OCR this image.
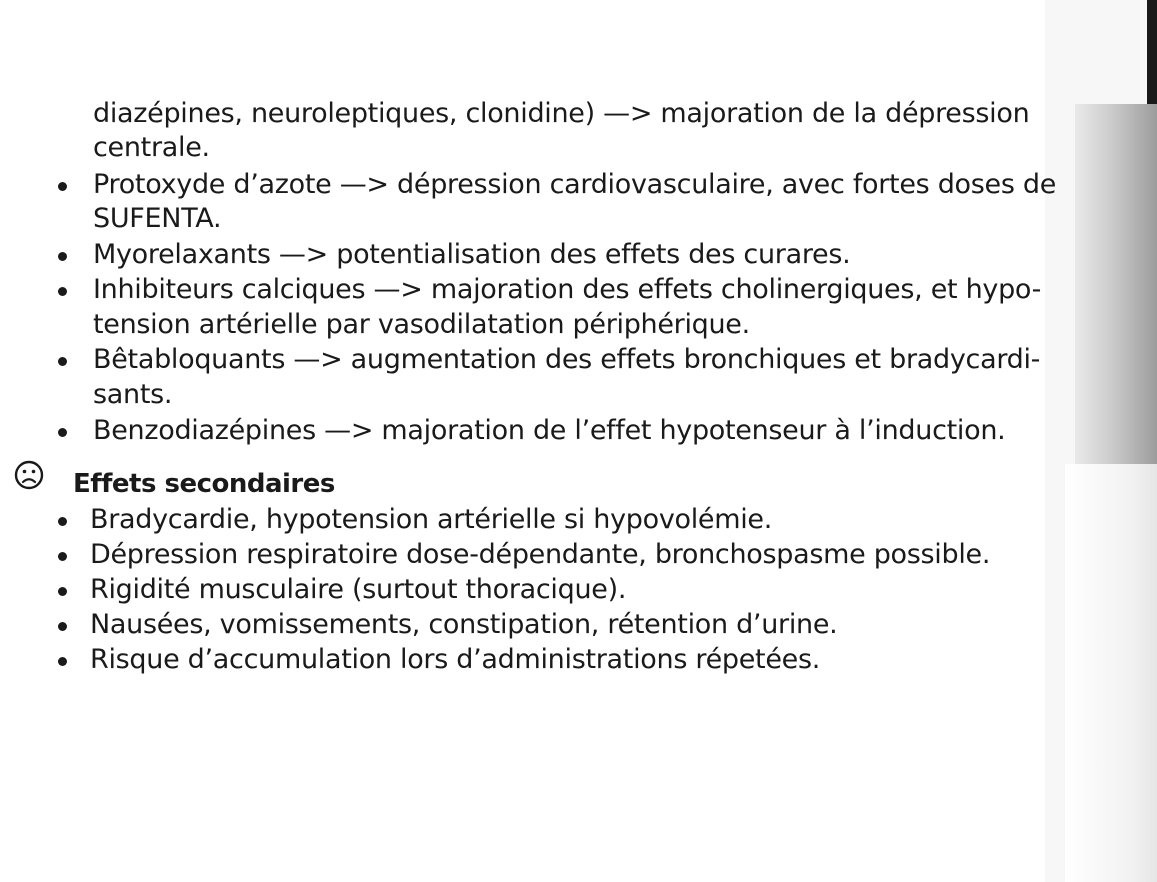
diazépines, neuroleptiques, clonidine) —> majoration de la dépression
centrale.
Protoxyde d’azote —> dépression cardiovasculaire, avec fortes doses de
SUFENTA.
Myorelaxants —> potentialisation des effets des curares.
Inhibiteurs calciques —> majoration des effets cholinergiques, et hypo-
tension artérielle par vasodilatation périphérique.
Bêtabloquants —> augmentation des effets bronchiques et bradycardi-
sants.
Benzodiazépines —> majoration de l’effet hypotenseur à l’induction.
Effets secondaires
Bradycardie, hypotension artérielle si hypovolémie.
Dépression respiratoire dose-dépendante, bronchospasme possible.
Rigidité musculaire (surtout thoracique).
Nausées, vomissements, constipation, rétention d’urine.
Risque d’accumulation lors d’administrations répetées.
